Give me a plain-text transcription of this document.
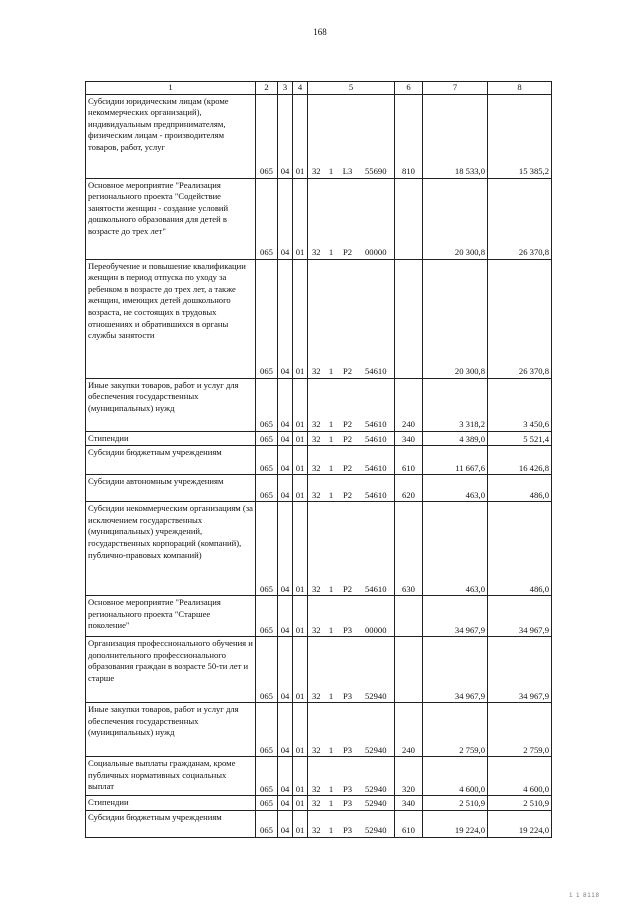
168
1	2	3	4	5				6	7	8
Субсидии юридическим лицам (кроме некоммерческих организаций), индивидуальным предпринимателям, физическим лицам - производителям товаров, работ, услуг	065	04	01	32	1	L3	55690	810	18 533,0	15 385,2
Основное мероприятие "Реализация регионального проекта "Содействие занятости женщин - создание условий дошкольного образования для детей в возрасте до трех лет"	065	04	01	32	1	P2	00000		20 300,8	26 370,8
Переобучение и повышение квалификации женщин в период отпуска по уходу за ребенком в возрасте до трех лет, а также женщин, имеющих детей дошкольного возраста, не состоящих в трудовых отношениях и обратившихся в органы службы занятости	065	04	01	32	1	P2	54610		20 300,8	26 370,8
Иные закупки товаров, работ и услуг для обеспечения государственных (муниципальных) нужд	065	04	01	32	1	P2	54610	240	3 318,2	3 450,6
Стипендии	065	04	01	32	1	P2	54610	340	4 389,0	5 521,4
Субсидии бюджетным учреждениям	065	04	01	32	1	P2	54610	610	11 667,6	16 426,8
Субсидии автономным учреждениям	065	04	01	32	1	P2	54610	620	463,0	486,0
Субсидии некоммерческим организациям (за исключением государственных (муниципальных) учреждений, государственных корпораций (компаний), публично-правовых компаний)	065	04	01	32	1	P2	54610	630	463,0	486,0
Основное мероприятие "Реализация регионального проекта "Старшее поколение"	065	04	01	32	1	P3	00000		34 967,9	34 967,9
Организация профессионального обучения и дополнительного профессионального образования граждан в возрасте 50-ти лет и старше	065	04	01	32	1	P3	52940		34 967,9	34 967,9
Иные закупки товаров, работ и услуг для обеспечения государственных (муниципальных) нужд	065	04	01	32	1	P3	52940	240	2 759,0	2 759,0
Социальные выплаты гражданам, кроме публичных нормативных социальных выплат	065	04	01	32	1	P3	52940	320	4 600,0	4 600,0
Стипендии	065	04	01	32	1	P3	52940	340	2 510,9	2 510,9
Субсидии бюджетным учреждениям	065	04	01	32	1	P3	52940	610	19 224,0	19 224,0
1 1 8118
